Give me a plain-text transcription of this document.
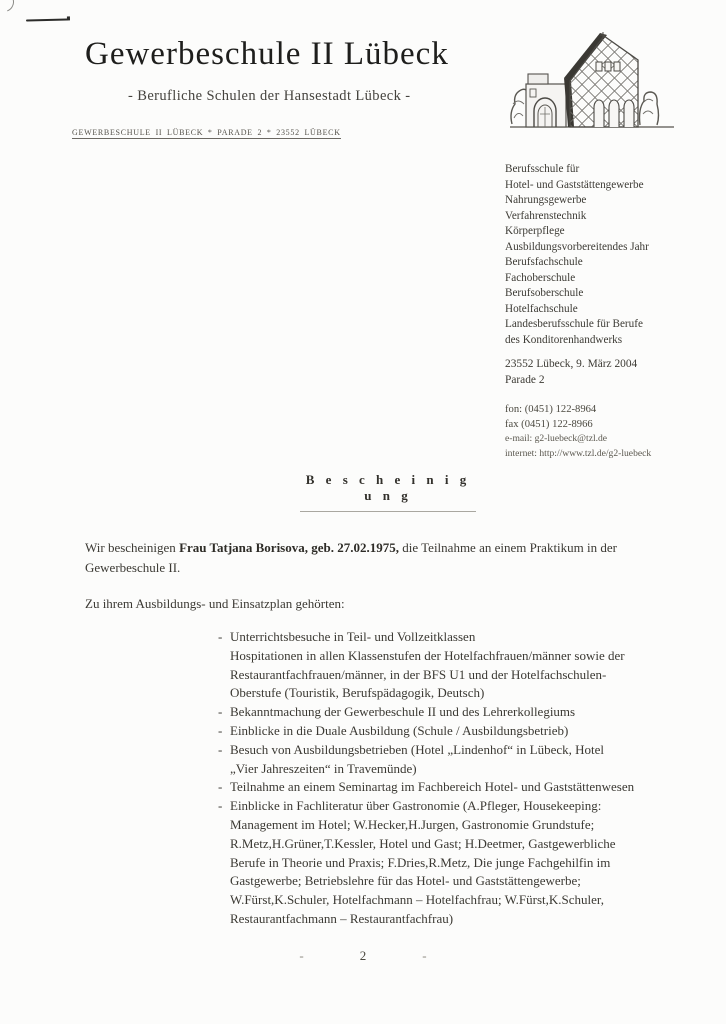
Gewerbeschule II Lübeck
- Berufliche Schulen der Hansestadt Lübeck -
GEWERBESCHULE II LÜBECK * PARADE 2 * 23552 LÜBECK
Berufsschule für
Hotel- und Gaststättengewerbe
Nahrungsgewerbe
Verfahrenstechnik
Körperpflege
Ausbildungsvorbereitendes Jahr
Berufsfachschule
Fachoberschule
Berufsoberschule
Hotelfachschule
Landesberufsschule für Berufe
des Konditorenhandwerks
23552 Lübeck, 9. März 2004
Parade 2
fon: (0451) 122-8964
fax (0451) 122-8966
e-mail: g2-luebeck@tzl.de
internet: http://www.tzl.de/g2-luebeck
B e s c h e i n i g u n g
Wir bescheinigen Frau Tatjana Borisova, geb. 27.02.1975, die Teilnahme an einem Praktikum in der Gewerbeschule II.
Zu ihrem Ausbildungs- und Einsatzplan gehörten:
- Unterrichtsbesuche in Teil- und Vollzeitklassen
Hospitationen in allen Klassenstufen der Hotelfachfrauen/männer sowie der
Restaurantfachfrauen/männer, in der BFS U1 und der Hotelfachschulen-
Oberstufe (Touristik, Berufspädagogik, Deutsch)
- Bekanntmachung der Gewerbeschule II und des Lehrerkollegiums
- Einblicke in die Duale Ausbildung (Schule / Ausbildungsbetrieb)
- Besuch von Ausbildungsbetrieben (Hotel „Lindenhof“ in Lübeck, Hotel
„Vier Jahreszeiten“ in Travemünde)
- Teilnahme an einem Seminartag im Fachbereich Hotel- und Gaststättenwesen
- Einblicke in Fachliteratur über Gastronomie (A.Pfleger, Housekeeping:
Management im Hotel; W.Hecker,H.Jurgen, Gastronomie Grundstufe;
R.Metz,H.Grüner,T.Kessler, Hotel und Gast; H.Deetmer, Gastgewerbliche
Berufe in Theorie und Praxis; F.Dries,R.Metz, Die junge Fachgehilfin im
Gastgewerbe; Betriebslehre für das Hotel- und Gaststättengewerbe;
W.Fürst,K.Schuler, Hotelfachmann – Hotelfachfrau; W.Fürst,K.Schuler,
Restaurantfachmann – Restaurantfachfrau)
-	2	-
